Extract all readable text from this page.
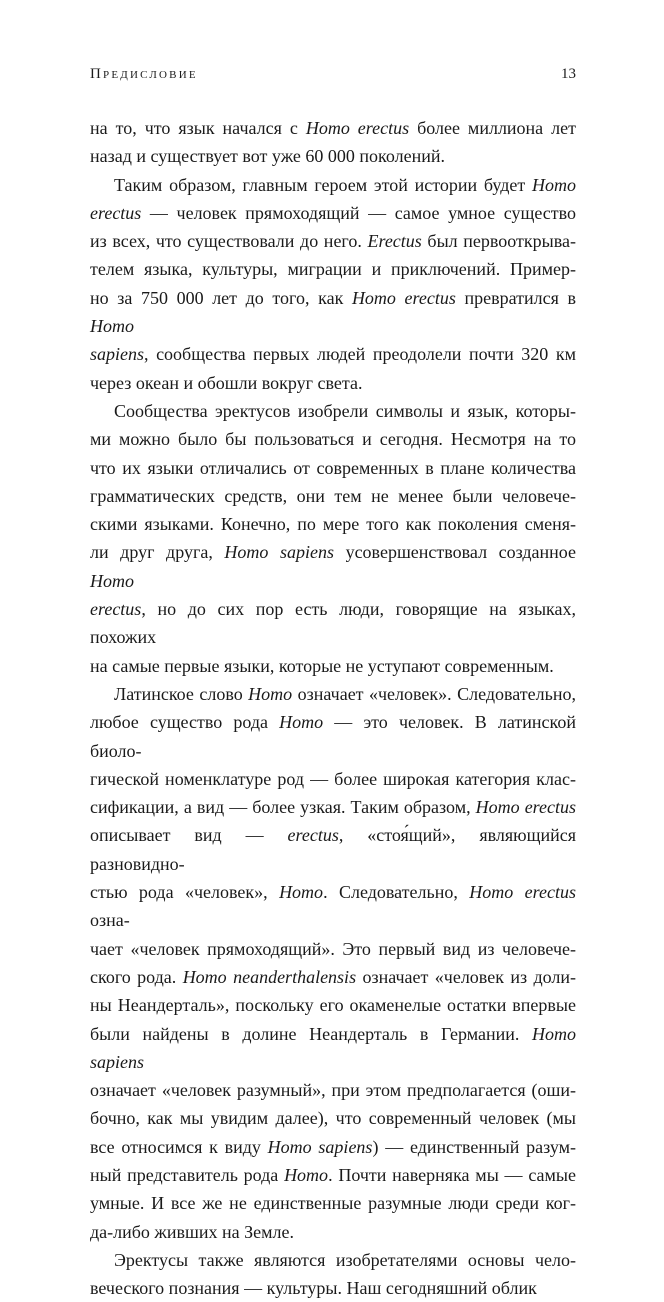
Предисловие	13

на то, что язык начался с Homo erectus более миллиона лет
назад и существует вот уже 60 000 поколений.

Таким образом, главным героем этой истории будет Homo
erectus — человек прямоходящий — самое умное существо
из всех, что существовали до него. Erectus был первооткрыва-
телем языка, культуры, миграции и приключений. Пример-
но за 750 000 лет до того, как Homo erectus превратился в Homo
sapiens, сообщества первых людей преодолели почти 320 км
через океан и обошли вокруг света.

Сообщества эректусов изобрели символы и язык, которы-
ми можно было бы пользоваться и сегодня. Несмотря на то
что их языки отличались от современных в плане количества
грамматических средств, они тем не менее были человече-
скими языками. Конечно, по мере того как поколения сменя-
ли друг друга, Homo sapiens усовершенствовал созданное Homo
erectus, но до сих пор есть люди, говорящие на языках, похожих
на самые первые языки, которые не уступают современным.

Латинское слово Homo означает «человек». Следовательно,
любое существо рода Homo — это человек. В латинской биоло-
гической номенклатуре род — более широкая категория клас-
сификации, а вид — более узкая. Таким образом, Homo erectus
описывает вид — erectus, «стоя́щий», являющийся разновидно-
стью рода «человек», Homo. Следовательно, Homo erectus озна-
чает «человек прямоходящий». Это первый вид из человече-
ского рода. Homo neanderthalensis означает «человек из доли-
ны Неандерталь», поскольку его окаменелые остатки впервые
были найдены в долине Неандерталь в Германии. Homo sapiens
означает «человек разумный», при этом предполагается (оши-
бочно, как мы увидим далее), что современный человек (мы
все относимся к виду Homo sapiens) — единственный разум-
ный представитель рода Homo. Почти наверняка мы — самые
умные. И все же не единственные разумные люди среди ког-
да-либо живших на Земле.

Эректусы также являются изобретателями основы чело-
веческого познания — культуры. Наш сегодняшний облик
